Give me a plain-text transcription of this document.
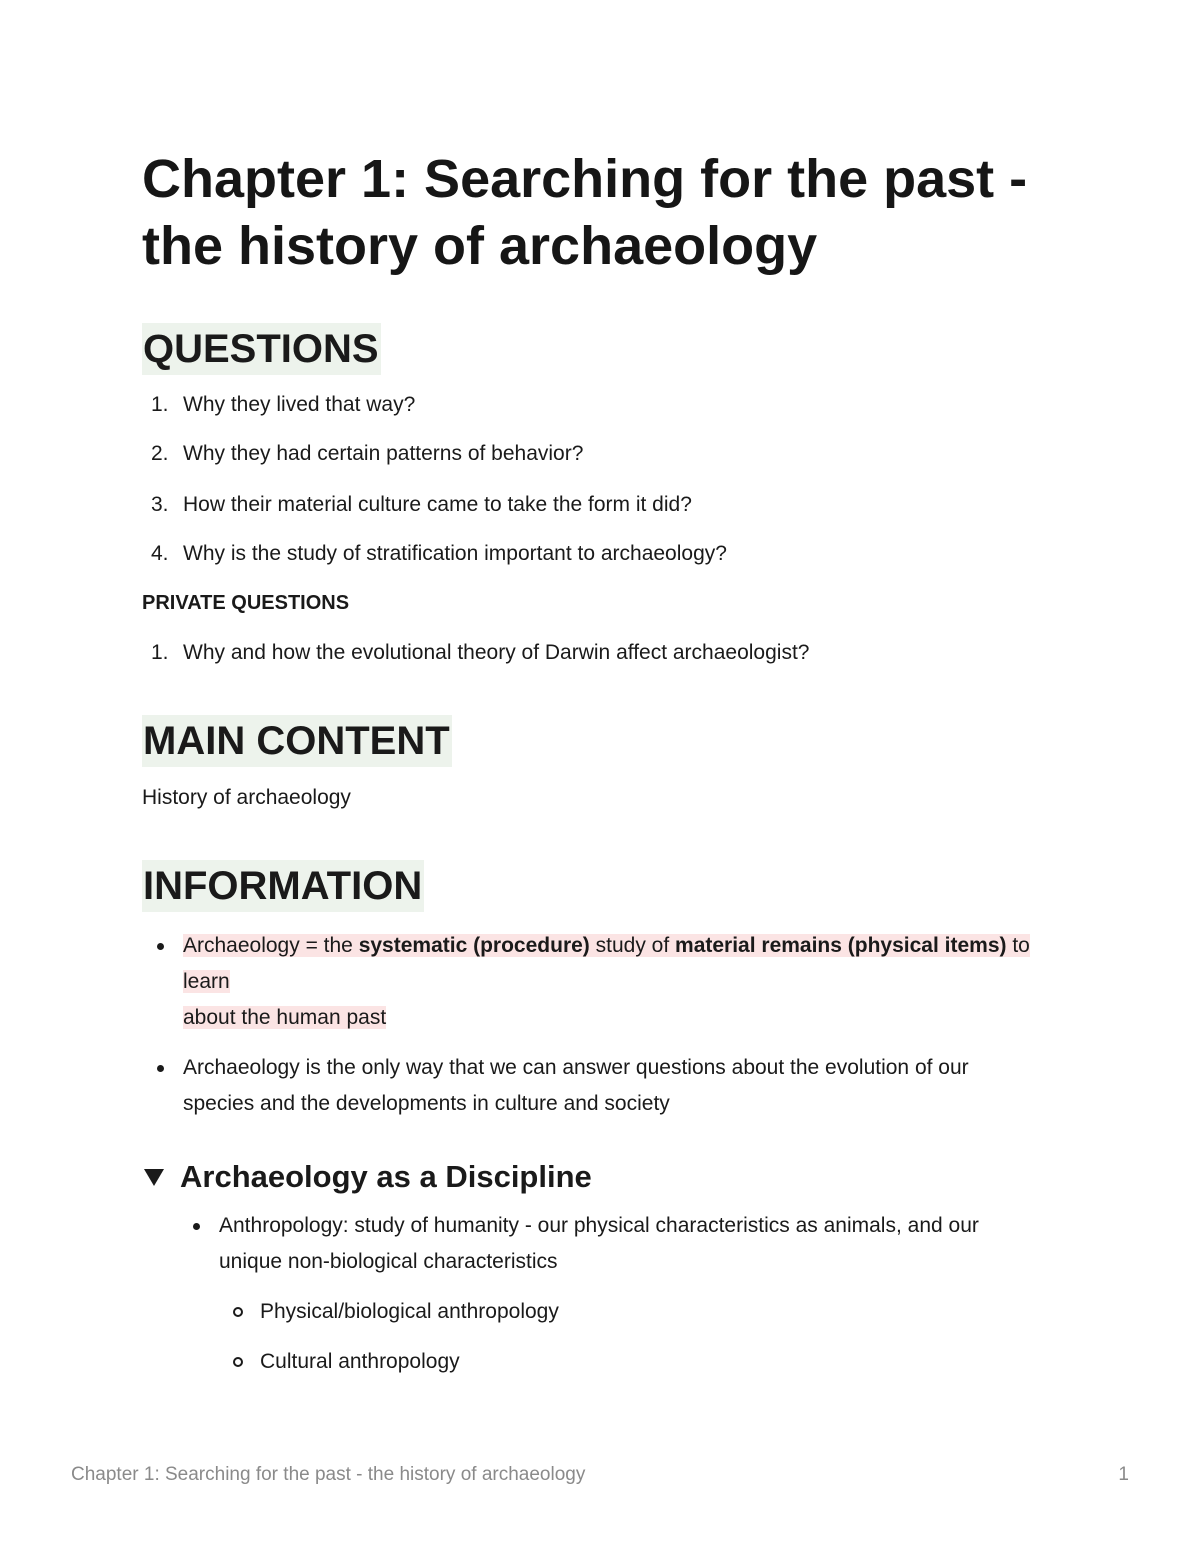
Chapter 1: Searching for the past - the history of archaeology
QUESTIONS
1. Why they lived that way?
2. Why they had certain patterns of behavior?
3. How their material culture came to take the form it did?
4. Why is the study of stratification important to archaeology?
PRIVATE QUESTIONS
1. Why and how the evolutional theory of Darwin affect archaeologist?
MAIN CONTENT
History of archaeology
INFORMATION
Archaeology = the systematic (procedure) study of material remains (physical items) to learn
about the human past
Archaeology is the only way that we can answer questions about the evolution of our species and the developments in culture and society
Archaeology as a Discipline
Anthropology: study of humanity - our physical characteristics as animals, and our unique non-biological characteristics
Physical/biological anthropology
Cultural anthropology
Chapter 1: Searching for the past - the history of archaeology	1
